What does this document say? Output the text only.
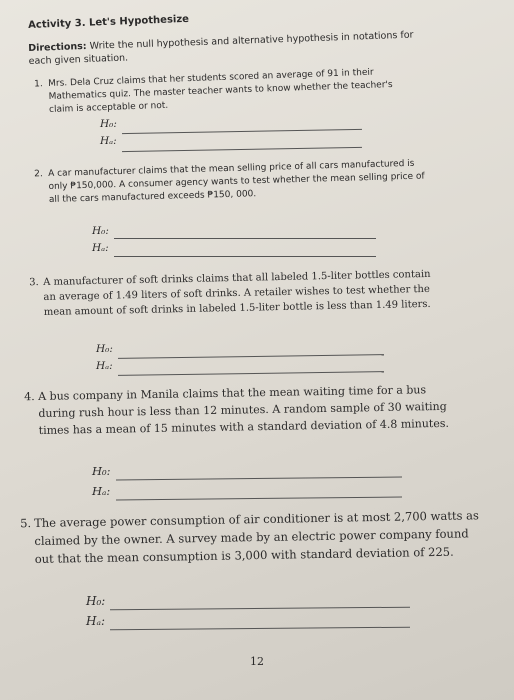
Activity 3. Let's Hypothesize
Directions: Write the null hypothesis and alternative hypothesis in notations for each given situation.
1. Mrs. Dela Cruz claims that her students scored an average of 91 in their Mathematics quiz. The master teacher wants to know whether the teacher's claim is acceptable or not.
H₀:
Hₐ:
2. A car manufacturer claims that the mean selling price of all cars manufactured is only ₱150,000. A consumer agency wants to test whether the mean selling price of all the cars manufactured exceeds ₱150, 000.
H₀:
Hₐ:
3. A manufacturer of soft drinks claims that all labeled 1.5-liter bottles contain an average of 1.49 liters of soft drinks. A retailer wishes to test whether the mean amount of soft drinks in labeled 1.5-liter bottle is less than 1.49 liters.
H₀:
Hₐ:
4. A bus company in Manila claims that the mean waiting time for a bus during rush hour is less than 12 minutes. A random sample of 30 waiting times has a mean of 15 minutes with a standard deviation of 4.8 minutes.
H₀:
Hₐ:
5. The average power consumption of air conditioner is at most 2,700 watts as claimed by the owner. A survey made by an electric power company found out that the mean consumption is 3,000 with standard deviation of 225.
H₀:
Hₐ:
12
